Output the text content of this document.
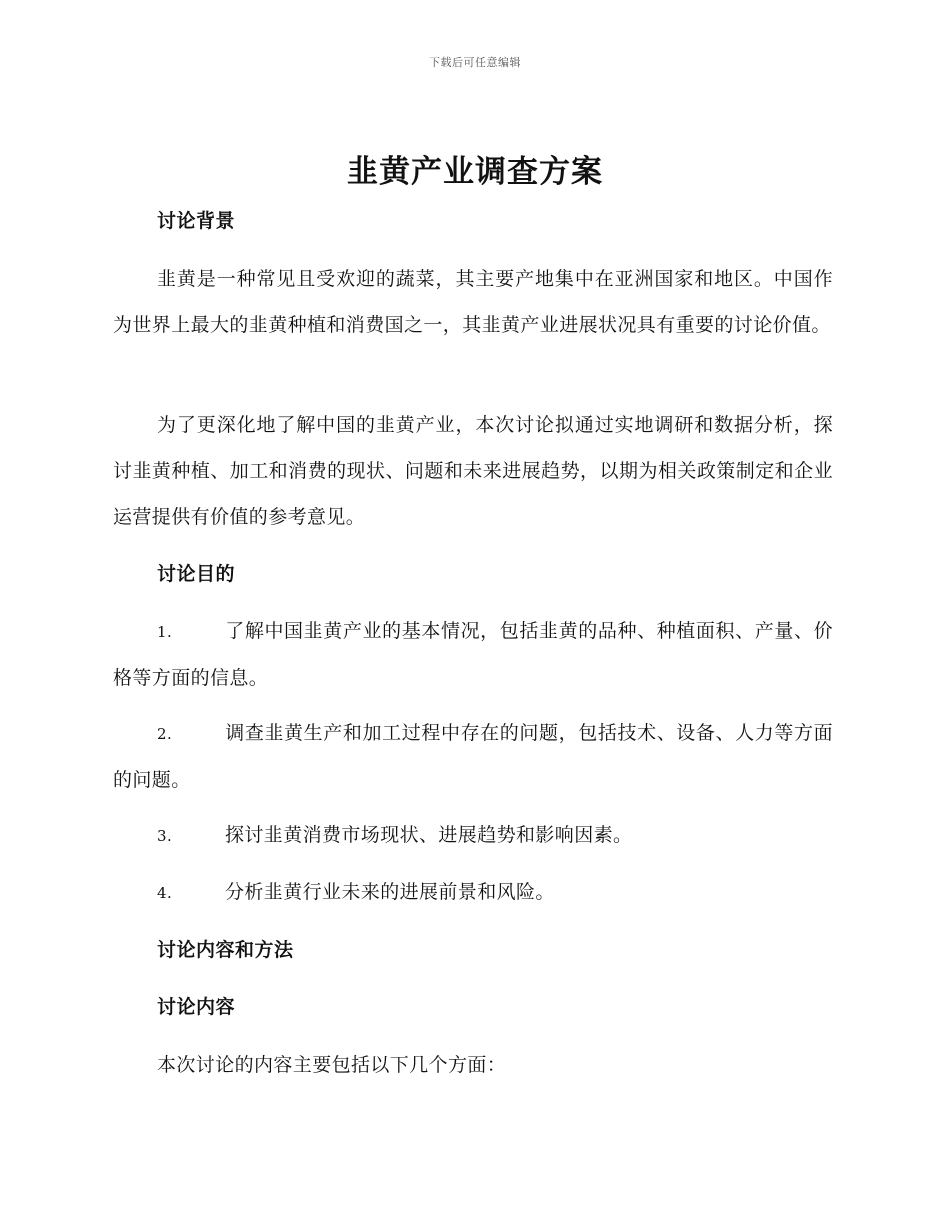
下载后可任意编辑
韭黄产业调查方案
讨论背景
韭黄是一种常见且受欢迎的蔬菜，其主要产地集中在亚洲国家和地区。中国作为世界上最大的韭黄种植和消费国之一，其韭黄产业进展状况具有重要的讨论价值。
为了更深化地了解中国的韭黄产业，本次讨论拟通过实地调研和数据分析，探讨韭黄种植、加工和消费的现状、问题和未来进展趋势，以期为相关政策制定和企业运营提供有价值的参考意见。
讨论目的
1.	了解中国韭黄产业的基本情况，包括韭黄的品种、种植面积、产量、价格等方面的信息。
2.	调查韭黄生产和加工过程中存在的问题，包括技术、设备、人力等方面的问题。
3.	探讨韭黄消费市场现状、进展趋势和影响因素。
4.	分析韭黄行业未来的进展前景和风险。
讨论内容和方法
讨论内容
本次讨论的内容主要包括以下几个方面：
